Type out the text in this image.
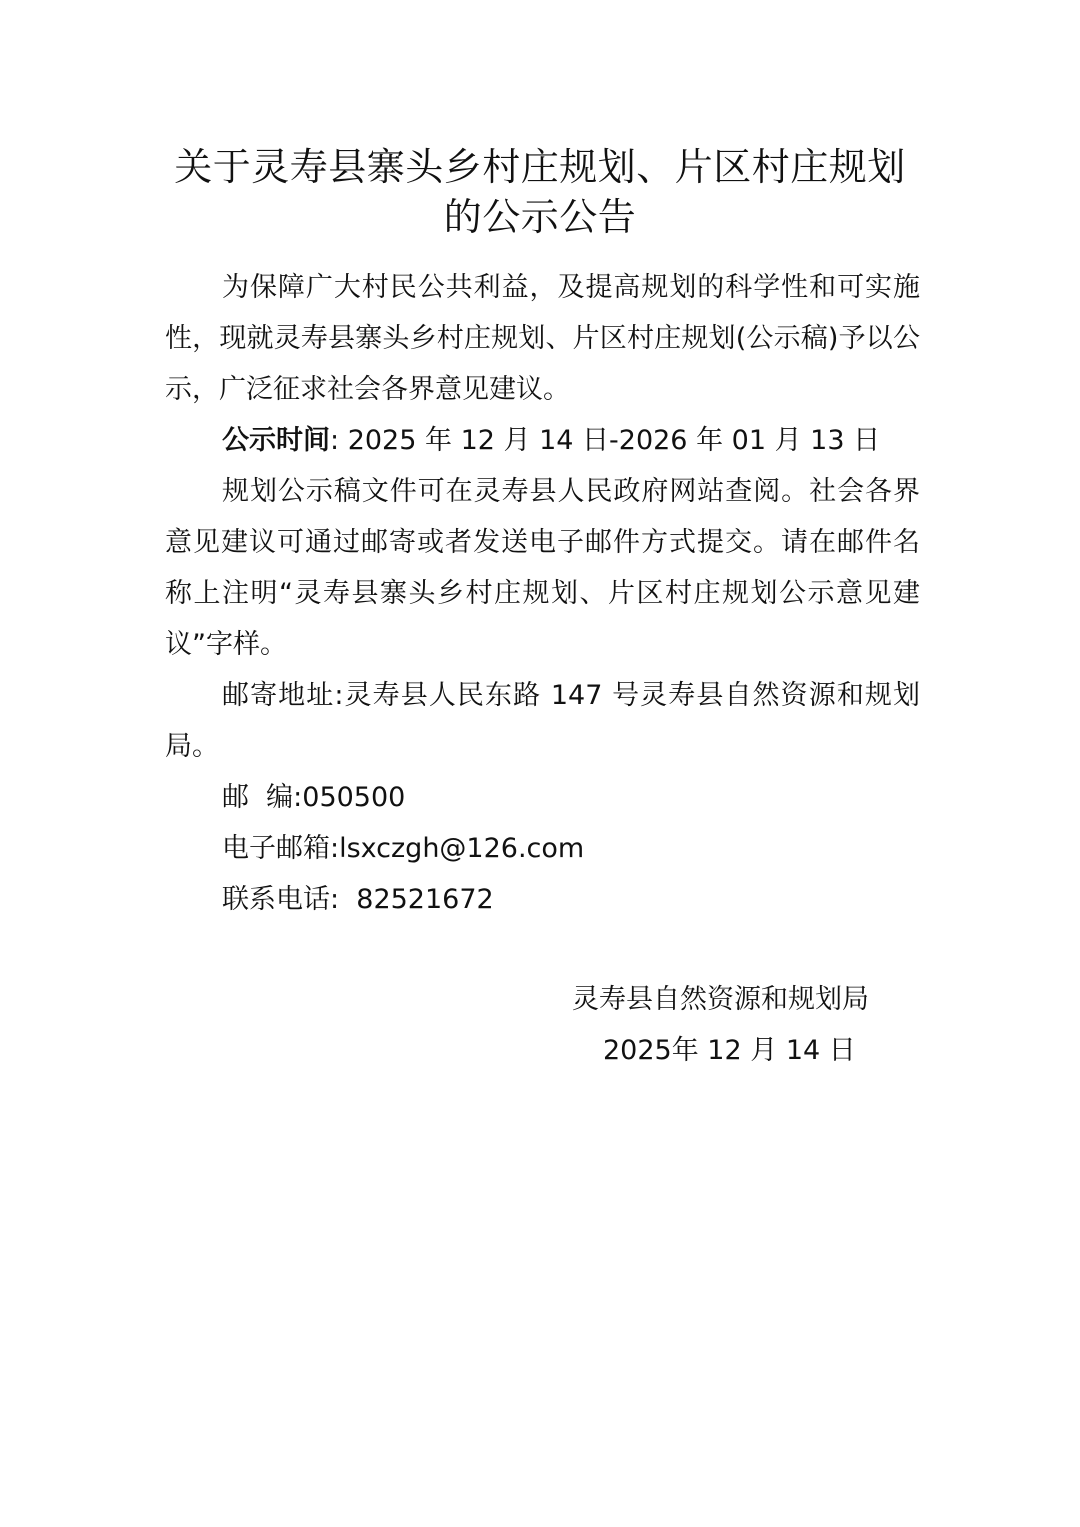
关于灵寿县寨头乡村庄规划、片区村庄规划
的公示公告

为保障广大村民公共利益，及提高规划的科学性和可实施性，现就灵寿县寨头乡村庄规划、片区村庄规划(公示稿)予以公示，广泛征求社会各界意见建议。

公示时间: 2025 年 12 月 14 日-2026 年 01 月 13 日

规划公示稿文件可在灵寿县人民政府网站查阅。社会各界意见建议可通过邮寄或者发送电子邮件方式提交。请在邮件名称上注明“灵寿县寨头乡村庄规划、片区村庄规划公示意见建议”字样。

邮寄地址:灵寿县人民东路 147 号灵寿县自然资源和规划局。

邮  编:050500

电子邮箱:lsxczgh@126.com

联系电话:  82521672

灵寿县自然资源和规划局
2025年 12 月 14 日
